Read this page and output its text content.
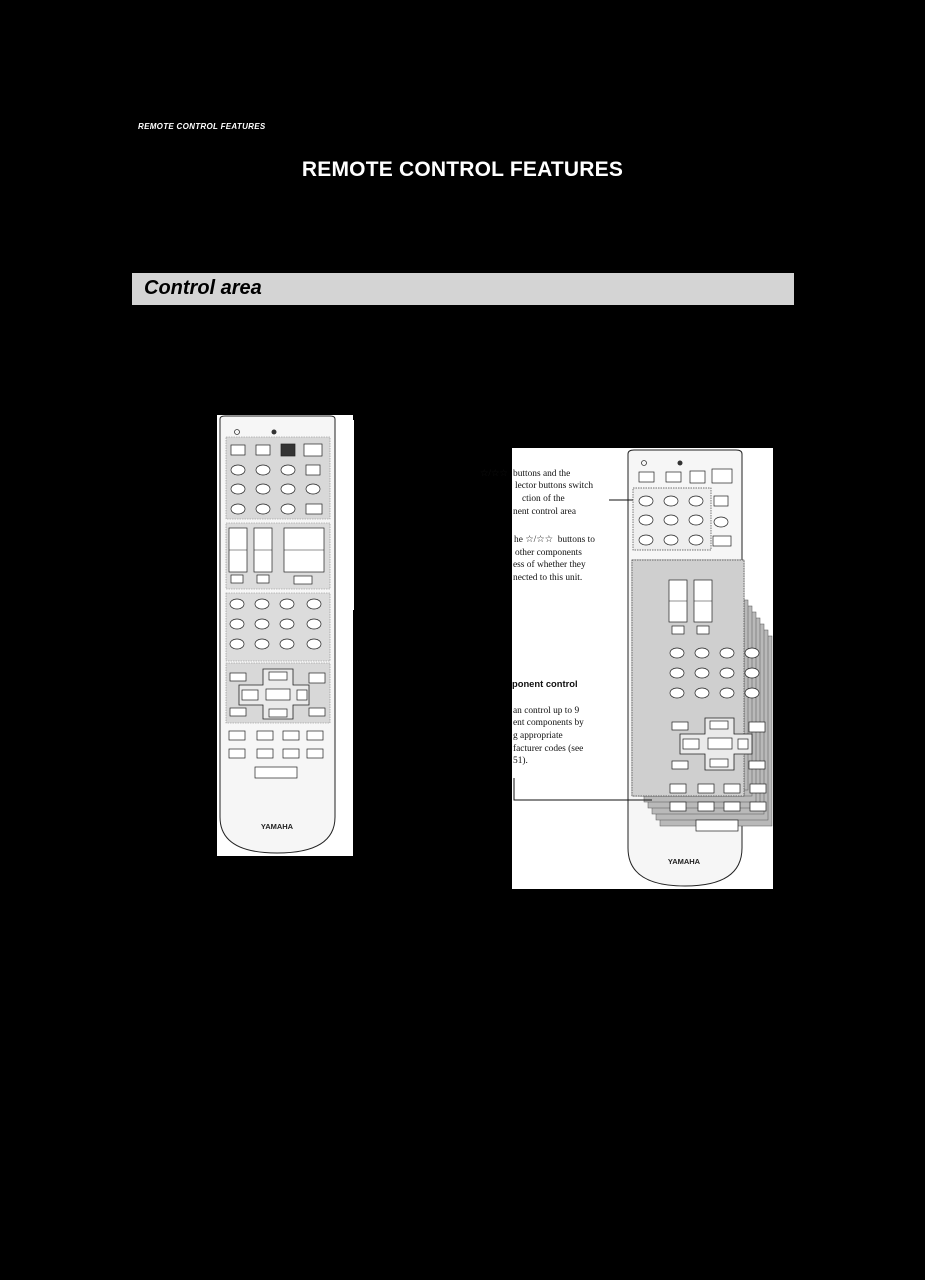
REMOTE CONTROL FEATURES
REMOTE CONTROL FEATURES
Control area
YAMAHA
YAMAHA
☆/☆☆ buttons and the
lector buttons switch
ction of the
nent control area
he ☆/☆☆  buttons to
other components
ess of whether they
nected to this unit.
ponent control
an control up to 9
ent components by
g appropriate
facturer codes (see
51).
